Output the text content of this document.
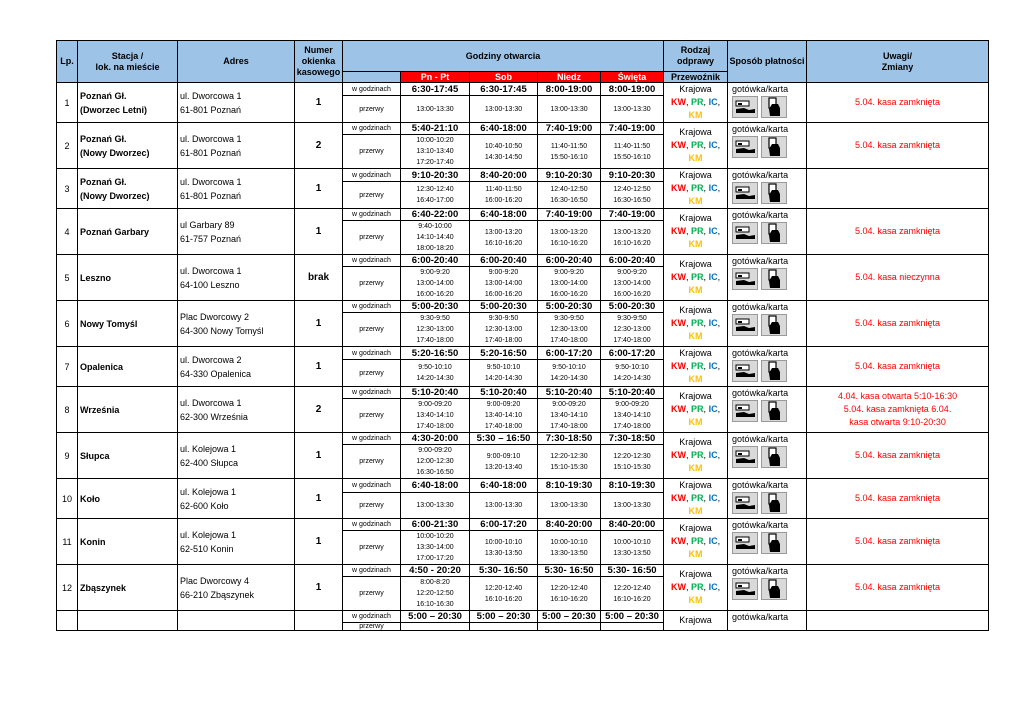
Lp.	Stacja /
lok. na mieście	Adres	Numer
okienka
kasowego	Godziny otwarcia					Rodzaj
odprawy	Sposób płatności	Uwagi/
Zmiany
					Pn - Pt	Sob	Niedz	Święta	Przewoźnik		
1	Poznań Gł.
(Dworzec Letni)	ul. Dworcowa 1
61-801 Poznań	1	w godzinach	6:30-17:45	6:30-17:45	8:00-19:00	8:00-19:00	Krajowa
KW, PR, IC,
KM	gotówka/karta	5.04. kasa zamknięta
				przerwy	13:00-13:30	13:00-13:30	13:00-13:30	13:00-13:30			
2	Poznań Gł.
(Nowy Dworzec)	ul. Dworcowa 1
61-801 Poznań	2	w godzinach	5:40-21:10	6:40-18:00	7:40-19:00	7:40-19:00	Krajowa
KW, PR, IC,
KM	gotówka/karta	5.04. kasa zamknięta
				przerwy	10:00-10:20
13:10-13:40
17:20-17:40	10:40-10:50
14:30-14:50	11:40-11:50
15:50-16:10	11:40-11:50
15:50-16:10			
3	Poznań Gł.
(Nowy Dworzec)	ul. Dworcowa 1
61-801 Poznań	1	w godzinach	9:10-20:30	8:40-20:00	9:10-20:30	9:10-20:30	Krajowa
KW, PR, IC,
KM	gotówka/karta	

				przerwy	12:30-12:40
16:40-17:00	11:40-11:50
16:00-16:20	12:40-12:50
16:30-16:50	12:40-12:50
16:30-16:50			
4	Poznań Garbary	ul Garbary 89
61-757 Poznań	1	w godzinach	6:40-22:00	6:40-18:00	7:40-19:00	7:40-19:00	Krajowa
KW, PR, IC,
KM	gotówka/karta	5.04. kasa zamknięta
				przerwy	9:40-10:00
14:10-14:40
18:00-18:20	13:00-13:20
16:10-16:20	13:00-13:20
16:10-16:20	13:00-13:20
16:10-16:20			
5	Leszno	ul. Dworcowa 1
64-100 Leszno	brak	w godzinach	6:00-20:40	6:00-20:40	6:00-20:40	6:00-20:40	Krajowa
KW, PR, IC,
KM	gotówka/karta	5.04. kasa nieczynna
				przerwy	9:00-9:20
13:00-14:00
16:00-16:20	9:00-9:20
13:00-14:00
16:00-16:20	9:00-9:20
13:00-14:00
16:00-16:20	9:00-9:20
13:00-14:00
16:00-16:20			
6	Nowy Tomyśl	Plac Dworcowy 2
64-300 Nowy Tomyśl	1	w godzinach	5:00-20:30	5:00-20:30	5:00-20:30	5:00-20:30	Krajowa
KW, PR, IC,
KM	gotówka/karta	5.04. kasa zamknięta
				przerwy	9:30-9:50
12:30-13:00
17:40-18:00	9:30-9:50
12:30-13:00
17:40-18:00	9:30-9:50
12:30-13:00
17:40-18:00	9:30-9:50
12:30-13:00
17:40-18:00			
7	Opalenica	ul. Dworcowa 2
64-330 Opalenica	1	w godzinach	5:20-16:50	5:20-16:50	6:00-17:20	6:00-17:20	Krajowa
KW, PR, IC,
KM	gotówka/karta	5.04. kasa zamknięta
				przerwy	9:50-10:10
14:20-14:30	9:50-10:10
14:20-14:30	9:50-10:10
14:20-14:30	9:50-10:10
14:20-14:30			
8	Września	ul. Dworcowa 1
62-300 Września	2	w godzinach	5:10-20:40	5:10-20:40	5:10-20:40	5:10-20:40	Krajowa
KW, PR, IC,
KM	gotówka/karta	4.04. kasa otwarta 5:10-16:30
5.04. kasa zamknięta 6.04.
kasa otwarta 9:10-20:30
				przerwy	9:00-09:20
13:40-14:10
17:40-18:00	9:00-09:20
13:40-14:10
17:40-18:00	9:00-09:20
13:40-14:10
17:40-18:00	9:00-09:20
13:40-14:10
17:40-18:00			
9	Słupca	ul. Kolejowa 1
62-400 Słupca	1	w godzinach	4:30-20:00	5:30 – 16:50	7:30-18:50	7:30-18:50	Krajowa
KW, PR, IC,
KM	gotówka/karta	5.04. kasa zamknięta
				przerwy	9:00-09:20
12:00-12:30
16:30-16:50	9:00-09:10
13:20-13:40	12:20-12:30
15:10-15:30	12:20-12:30
15:10-15:30			
10	Koło	ul. Kolejowa 1
62-600 Koło	1	w godzinach	6:40-18:00	6:40-18:00	8:10-19:30	8:10-19:30	Krajowa
KW, PR, IC,
KM	gotówka/karta	5.04. kasa zamknięta
				przerwy	13:00-13:30	13:00-13:30	13:00-13:30	13:00-13:30			
11	Konin	ul. Kolejowa 1
62-510 Konin	1	w godzinach	6:00-21:30	6:00-17:20	8:40-20:00	8:40-20:00	Krajowa
KW, PR, IC,
KM	gotówka/karta	5.04. kasa zamknięta
				przerwy	10:00-10:20
13:30-14:00
17:00-17:20	10:00-10:10
13:30-13:50	10:00-10:10
13:30-13:50	10:00-10:10
13:30-13:50			
12	Zbąszynek	Plac Dworcowy 4
66-210 Zbąszynek	1	w godzinach	4:50 - 20:20	5:30- 16:50	5:30- 16:50	5:30- 16:50	Krajowa
KW, PR, IC,
KM	gotówka/karta	5.04. kasa zamknięta
				przerwy	8:00-8:20
12:20-12:50
16:10-16:30	12:20-12:40
16:10-16:20	12:20-12:40
16:10-16:20	12:20-12:40
16:10-16:20			
				w godzinach	5:00 – 20:30	5:00 – 20:30	5:00 – 20:30	5:00 – 20:30	Krajowa	gotówka/karta	

				przerwy							
